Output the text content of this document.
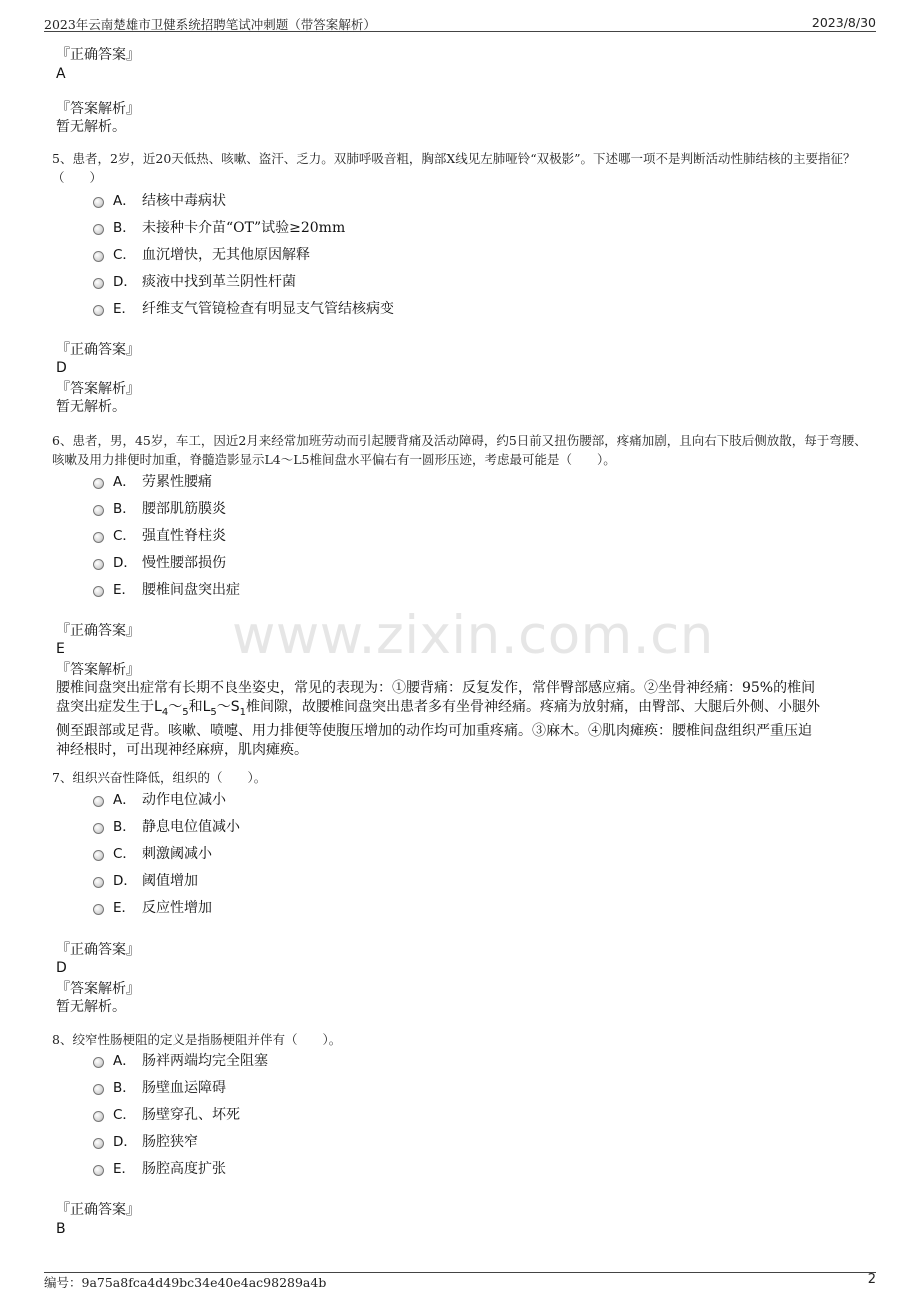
2023年云南楚雄市卫健系统招聘笔试冲刺题（带答案解析）	2023/8/30
www.zixin.com.cn
『正确答案』
A
『答案解析』
暂无解析。
5、患者，2岁，近20天低热、咳嗽、盗汗、乏力。双肺呼吸音粗，胸部X线见左肺哑铃“双极影”。下述哪一项不是判断活动性肺结核的主要指征？（　　）
A． 结核中毒病状
B． 未接种卡介苗“OT”试验≥20mm
C． 血沉增快，无其他原因解释
D． 痰液中找到革兰阴性杆菌
E． 纤维支气管镜检查有明显支气管结核病变
『正确答案』
D
『答案解析』
暂无解析。
6、患者，男，45岁，车工，因近2月来经常加班劳动而引起腰背痛及活动障碍，约5日前又扭伤腰部，疼痛加剧，且向右下肢后侧放散，每于弯腰、咳嗽及用力排便时加重，脊髓造影显示L4～L5椎间盘水平偏右有一圆形压迹，考虑最可能是（　　）。
A． 劳累性腰痛
B． 腰部肌筋膜炎
C． 强直性脊柱炎
D． 慢性腰部损伤
E． 腰椎间盘突出症
『正确答案』
E
『答案解析』
腰椎间盘突出症常有长期不良坐姿史，常见的表现为：①腰背痛：反复发作，常伴臀部感应痛。②坐骨神经痛：95%的椎间
盘突出症发生于$L_4\sim_5$和$L_5\sim S_1$椎间隙，故腰椎间盘突出患者多有坐骨神经痛。疼痛为放射痛，由臀部、大腿后外侧、小腿外
侧至跟部或足背。咳嗽、喷嚏、用力排便等使腹压增加的动作均可加重疼痛。③麻木。④肌肉瘫痪：腰椎间盘组织严重压迫
神经根时，可出现神经麻痹，肌肉瘫痪。
7、组织兴奋性降低，组织的（　　）。
A． 动作电位减小
B． 静息电位值减小
C． 刺激阈减小
D． 阈值增加
E． 反应性增加
『正确答案』
D
『答案解析』
暂无解析。
8、绞窄性肠梗阻的定义是指肠梗阻并伴有（　　）。
A． 肠袢两端均完全阻塞
B． 肠壁血运障碍
C． 肠壁穿孔、坏死
D． 肠腔狭窄
E． 肠腔高度扩张
『正确答案』
B
编号：9a75a8fca4d49bc34e40e4ac98289a4b	2
